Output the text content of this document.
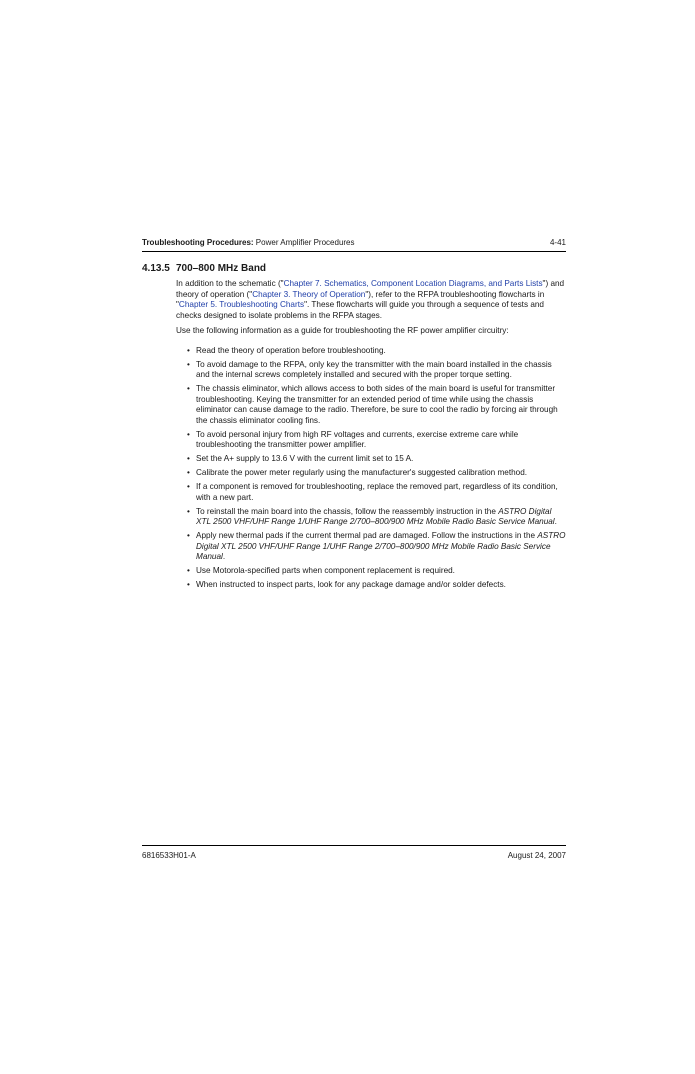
Troubleshooting Procedures: Power Amplifier Procedures	4-41
4.13.5 700–800 MHz Band

In addition to the schematic ("Chapter 7. Schematics, Component Location Diagrams, and Parts Lists") and theory of operation ("Chapter 3. Theory of Operation"), refer to the RFPA troubleshooting flowcharts in "Chapter 5. Troubleshooting Charts". These flowcharts will guide you through a sequence of tests and checks designed to isolate problems in the RFPA stages.

Use the following information as a guide for troubleshooting the RF power amplifier circuitry:

• Read the theory of operation before troubleshooting.
• To avoid damage to the RFPA, only key the transmitter with the main board installed in the chassis and the internal screws completely installed and secured with the proper torque setting.
• The chassis eliminator, which allows access to both sides of the main board is useful for transmitter troubleshooting. Keying the transmitter for an extended period of time while using the chassis eliminator can cause damage to the radio. Therefore, be sure to cool the radio by forcing air through the chassis eliminator cooling fins.
• To avoid personal injury from high RF voltages and currents, exercise extreme care while troubleshooting the transmitter power amplifier.
• Set the A+ supply to 13.6 V with the current limit set to 15 A.
• Calibrate the power meter regularly using the manufacturer's suggested calibration method.
• If a component is removed for troubleshooting, replace the removed part, regardless of its condition, with a new part.
• To reinstall the main board into the chassis, follow the reassembly instruction in the ASTRO Digital XTL 2500 VHF/UHF Range 1/UHF Range 2/700–800/900 MHz Mobile Radio Basic Service Manual.
• Apply new thermal pads if the current thermal pad are damaged. Follow the instructions in the ASTRO Digital XTL 2500 VHF/UHF Range 1/UHF Range 2/700–800/900 MHz Mobile Radio Basic Service Manual.
• Use Motorola-specified parts when component replacement is required.
• When instructed to inspect parts, look for any package damage and/or solder defects.
6816533H01-A	August 24, 2007
